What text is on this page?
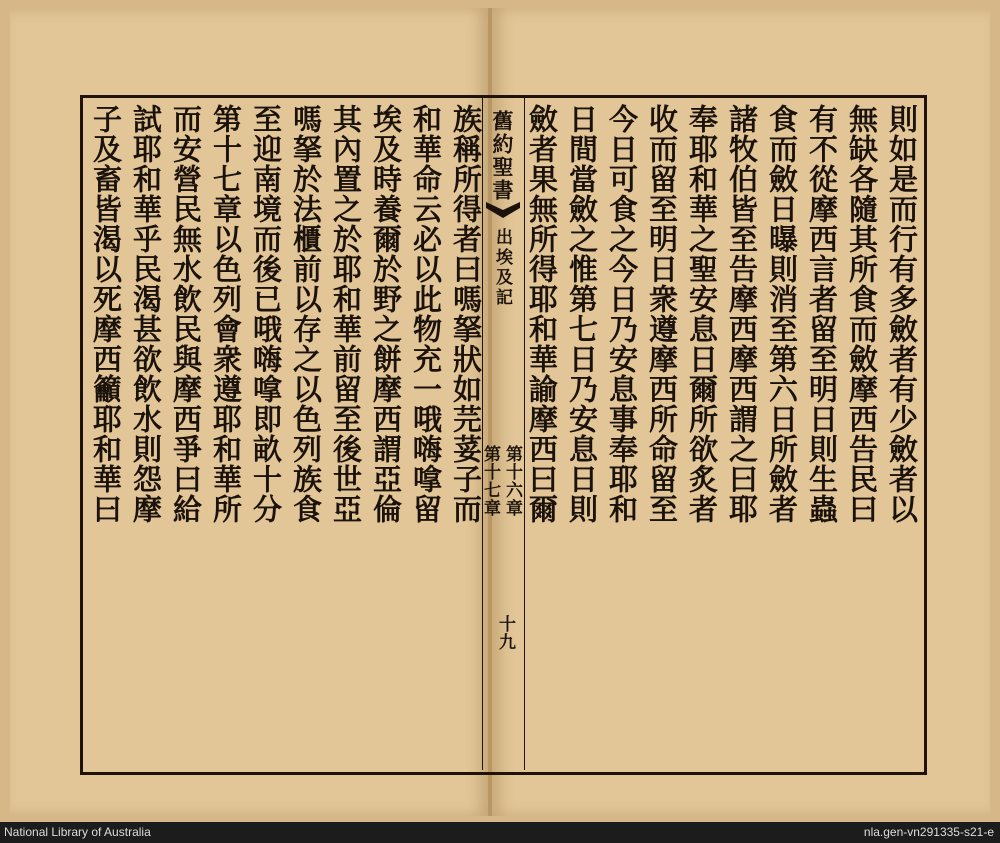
則如是而行有多斂者有少斂者以
無缺各隨其所食而斂摩西告民曰
有不從摩西言者留至明日則生蟲
食而斂日曝則消至第六日所斂者
諸牧伯皆至告摩西摩西謂之曰耶
奉耶和華之聖安息日爾所欲炙者
收而留至明日衆遵摩西所命留至
今日可食之今日乃安息事奉耶和
日間當斂之惟第七日乃安息日則
斂者果無所得耶和華諭摩西曰爾
舊約聖書
出埃及記
第十六章
第十七章
十九
族稱所得者曰嗎拏狀如芫荽子而
和華命云必以此物充一哦嗨嗱留
埃及時養爾於野之餅摩西謂亞倫
其內置之於耶和華前留至後世亞
嗎拏於法櫃前以存之以色列族食
至迎南境而後已哦嗨嗱即畝十分
第十七章以色列會衆遵耶和華所
而安營民無水飲民與摩西爭曰給
試耶和華乎民渴甚欲飲水則怨摩
子及畜皆渴以死摩西籲耶和華曰
National Library of Australia	nla.gen-vn291335-s21-e
